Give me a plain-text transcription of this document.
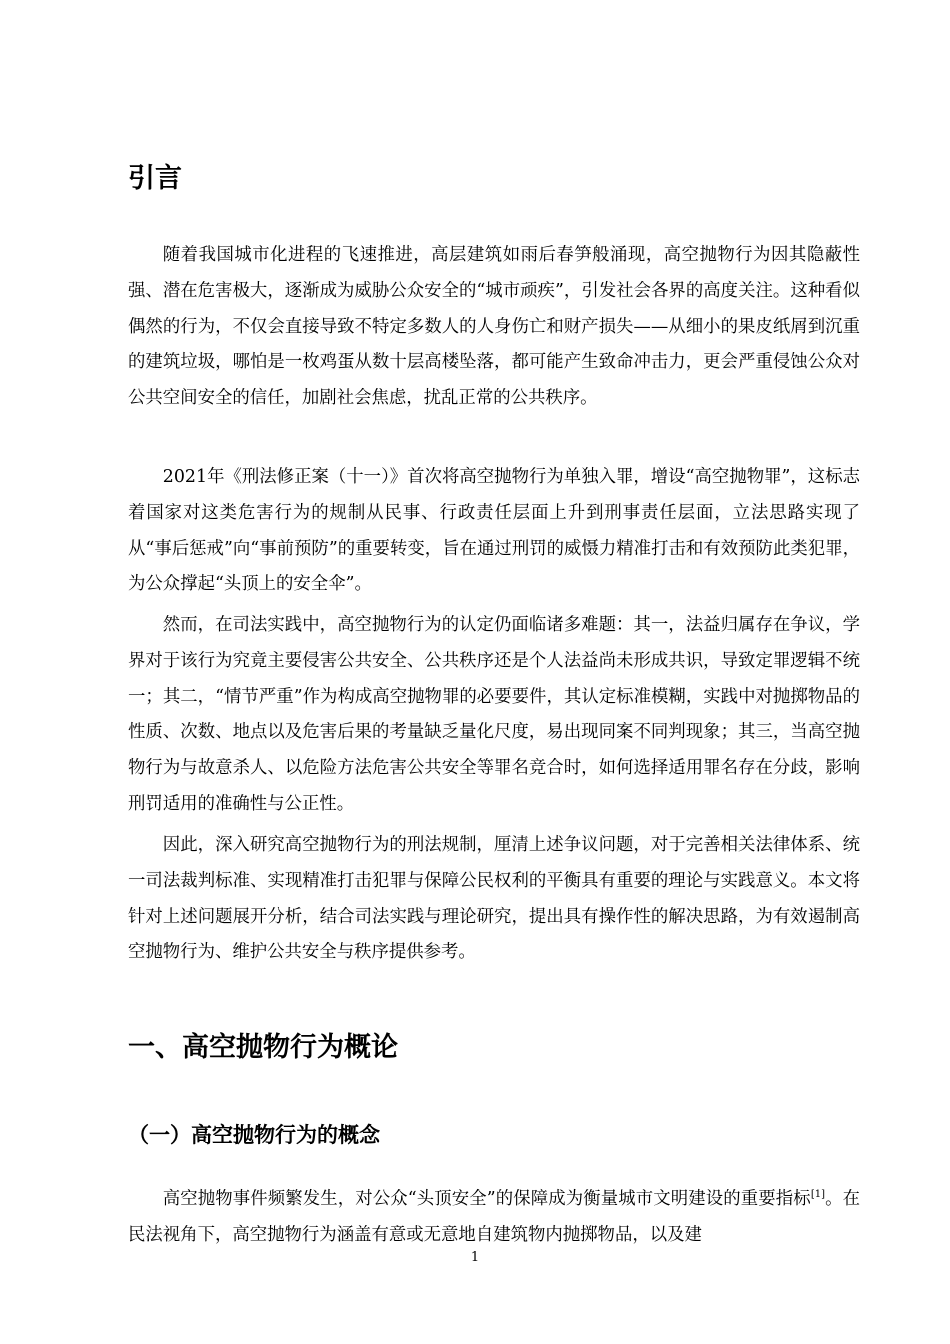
引言

随着我国城市化进程的飞速推进，高层建筑如雨后春笋般涌现，高空抛物行为因其隐蔽性强、潜在危害极大，逐渐成为威胁公众安全的“城市顽疾”，引发社会各界的高度关注。这种看似偶然的行为，不仅会直接导致不特定多数人的人身伤亡和财产损失——从细小的果皮纸屑到沉重的建筑垃圾，哪怕是一枚鸡蛋从数十层高楼坠落，都可能产生致命冲击力，更会严重侵蚀公众对公共空间安全的信任，加剧社会焦虑，扰乱正常的公共秩序。

2021年《刑法修正案（十一）》首次将高空抛物行为单独入罪，增设“高空抛物罪”，这标志着国家对这类危害行为的规制从民事、行政责任层面上升到刑事责任层面，立法思路实现了从“事后惩戒”向“事前预防”的重要转变，旨在通过刑罚的威慑力精准打击和有效预防此类犯罪，为公众撑起“头顶上的安全伞”。

然而，在司法实践中，高空抛物行为的认定仍面临诸多难题：其一，法益归属存在争议，学界对于该行为究竟主要侵害公共安全、公共秩序还是个人法益尚未形成共识，导致定罪逻辑不统一；其二，“情节严重”作为构成高空抛物罪的必要要件，其认定标准模糊，实践中对抛掷物品的性质、次数、地点以及危害后果的考量缺乏量化尺度，易出现同案不同判现象；其三，当高空抛物行为与故意杀人、以危险方法危害公共安全等罪名竞合时，如何选择适用罪名存在分歧，影响刑罚适用的准确性与公正性。

因此，深入研究高空抛物行为的刑法规制，厘清上述争议问题，对于完善相关法律体系、统一司法裁判标准、实现精准打击犯罪与保障公民权利的平衡具有重要的理论与实践意义。本文将针对上述问题展开分析，结合司法实践与理论研究，提出具有操作性的解决思路，为有效遏制高空抛物行为、维护公共安全与秩序提供参考。

一、高空抛物行为概论
（一）高空抛物行为的概念

高空抛物事件频繁发生，对公众“头顶安全”的保障成为衡量城市文明建设的重要指标[1]。在民法视角下，高空抛物行为涵盖有意或无意地自建筑物内抛掷物品，以及建

1
